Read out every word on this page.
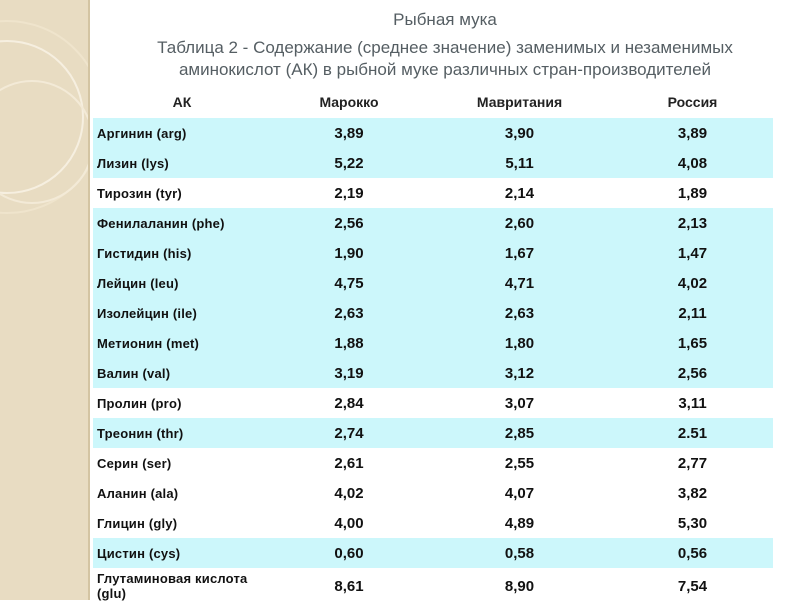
Рыбная мука
Таблица 2 - Содержание (среднее значение) заменимых и незаменимых
аминокислот (АК) в рыбной муке различных стран-производителей
АК	Марокко	Мавритания	Россия
Аргинин (arg)	3,89	3,90	3,89
Лизин (lys)	5,22	5,11	4,08
Тирозин (tyr)	2,19	2,14	1,89
Фенилаланин (phe)	2,56	2,60	2,13
Гистидин (his)	1,90	1,67	1,47
Лейцин (leu)	4,75	4,71	4,02
Изолейцин (ile)	2,63	2,63	2,11
Метионин (met)	1,88	1,80	1,65
Валин (val)	3,19	3,12	2,56
Пролин (pro)	2,84	3,07	3,11
Треонин (thr)	2,74	2,85	2.51
Серин (ser)	2,61	2,55	2,77
Аланин (ala)	4,02	4,07	3,82
Глицин (gly)	4,00	4,89	5,30
Цистин (cys)	0,60	0,58	0,56
Глутаминовая кислота (glu)	8,61	8,90	7,54
